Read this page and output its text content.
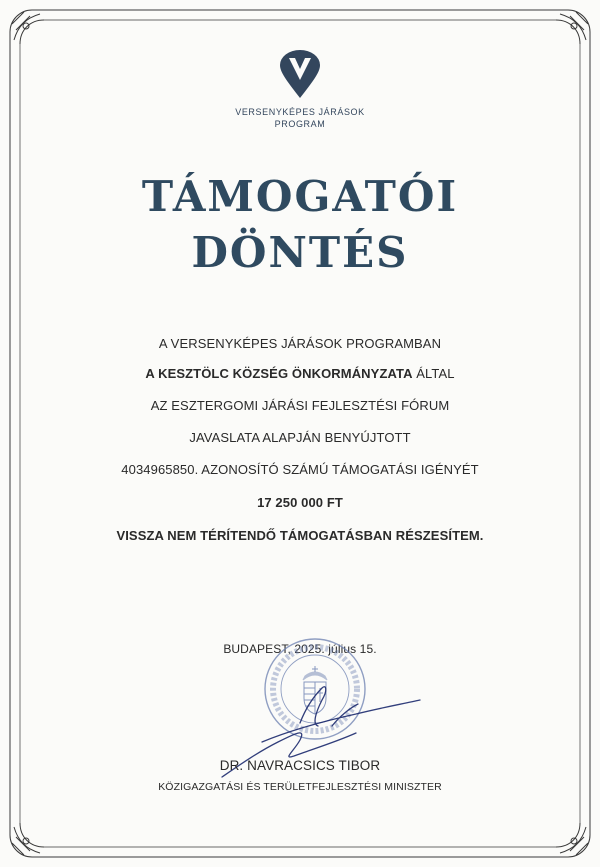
VERSENYKÉPES JÁRÁSOK
PROGRAM
TÁMOGATÓI
DÖNTÉS
A VERSENYKÉPES JÁRÁSOK PROGRAMBAN
A KESZTÖLC KÖZSÉG ÖNKORMÁNYZATA ÁLTAL
AZ ESZTERGOMI JÁRÁSI FEJLESZTÉSI FÓRUM
JAVASLATA ALAPJÁN BENYÚJTOTT
4034965850. AZONOSÍTÓ SZÁMÚ TÁMOGATÁSI IGÉNYÉT
17 250 000 FT
VISSZA NEM TÉRÍTENDŐ TÁMOGATÁSBAN RÉSZESÍTEM.
BUDAPEST, 2025. július 15.
DR. NAVRACSICS TIBOR
KÖZIGAZGATÁSI ÉS TERÜLETFEJLESZTÉSI MINISZTER
